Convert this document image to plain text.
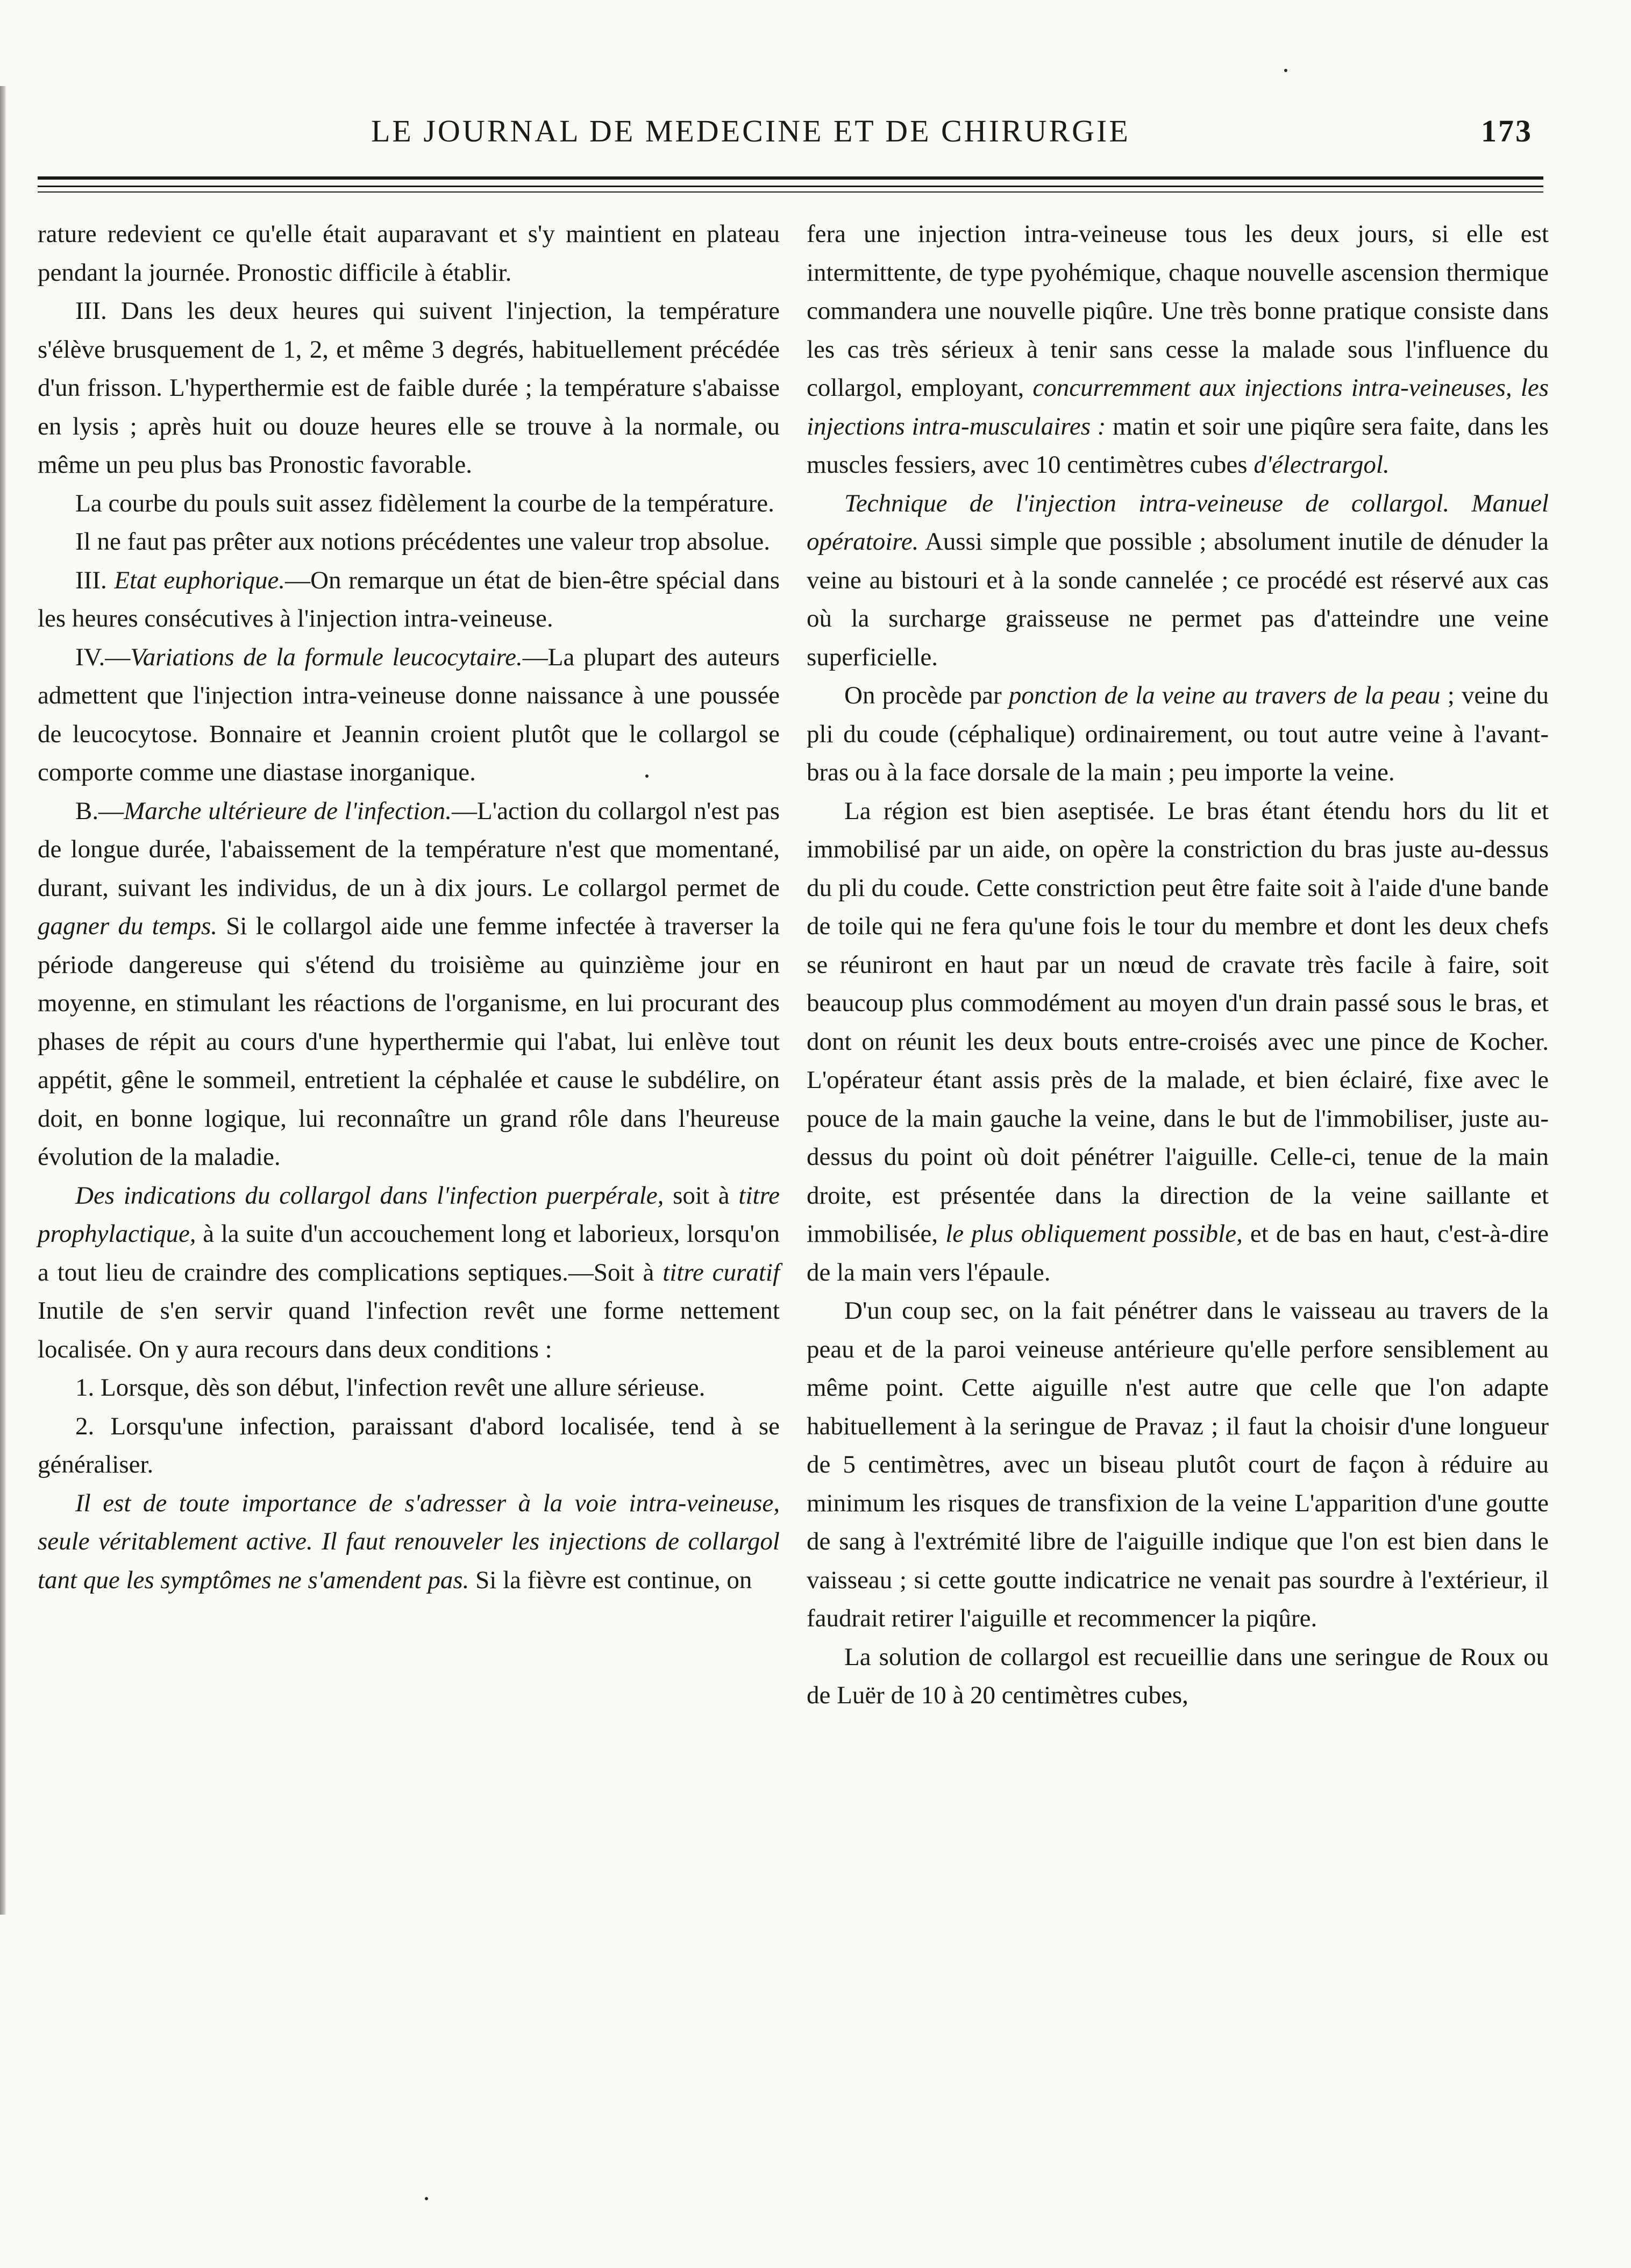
LE JOURNAL DE MEDECINE ET DE CHIRURGIE	173

rature redevient ce qu'elle était auparavant et s'y maintient en plateau pendant la journée. Pronostic difficile à établir.

III. Dans les deux heures qui suivent l'injection, la température s'élève brusquement de 1, 2, et même 3 degrés, habituellement précédée d'un frisson. L'hyperthermie est de faible durée ; la température s'abaisse en lysis ; après huit ou douze heures elle se trouve à la normale, ou même un peu plus bas Pronostic favorable.

La courbe du pouls suit assez fidèlement la courbe de la température.

Il ne faut pas prêter aux notions précédentes une valeur trop absolue.

III. Etat euphorique.—On remarque un état de bien-être spécial dans les heures consécutives à l'injection intra-veineuse.

IV.—Variations de la formule leucocytaire.—La plupart des auteurs admettent que l'injection intra-veineuse donne naissance à une poussée de leucocytose. Bonnaire et Jeannin croient plutôt que le collargol se comporte comme une diastase inorganique.

B.—Marche ultérieure de l'infection.—L'action du collargol n'est pas de longue durée, l'abaissement de la température n'est que momentané, durant, suivant les individus, de un à dix jours. Le collargol permet de gagner du temps. Si le collargol aide une femme infectée à traverser la période dangereuse qui s'étend du troisième au quinzième jour en moyenne, en stimulant les réactions de l'organisme, en lui procurant des phases de répit au cours d'une hyperthermie qui l'abat, lui enlève tout appétit, gêne le sommeil, entretient la céphalée et cause le subdélire, on doit, en bonne logique, lui reconnaître un grand rôle dans l'heureuse évolution de la maladie.

Des indications du collargol dans l'infection puerpérale, soit à titre prophylactique, à la suite d'un accouchement long et laborieux, lorsqu'on a tout lieu de craindre des complications septiques.—Soit à titre curatif Inutile de s'en servir quand l'infection revêt une forme nettement localisée. On y aura recours dans deux conditions :

1. Lorsque, dès son début, l'infection revêt une allure sérieuse.

2. Lorsqu'une infection, paraissant d'abord localisée, tend à se généraliser.

Il est de toute importance de s'adresser à la voie intra-veineuse, seule véritablement active. Il faut renouveler les injections de collargol tant que les symptômes ne s'amendent pas. Si la fièvre est continue, on

fera une injection intra-veineuse tous les deux jours, si elle est intermittente, de type pyohémique, chaque nouvelle ascension thermique commandera une nouvelle piqûre. Une très bonne pratique consiste dans les cas très sérieux à tenir sans cesse la malade sous l'influence du collargol, employant, concurremment aux injections intra-veineuses, les injections intra-musculaires : matin et soir une piqûre sera faite, dans les muscles fessiers, avec 10 centimètres cubes d'électrargol.

Technique de l'injection intra-veineuse de collargol. Manuel opératoire. Aussi simple que possible ; absolument inutile de dénuder la veine au bistouri et à la sonde cannelée ; ce procédé est réservé aux cas où la surcharge graisseuse ne permet pas d'atteindre une veine superficielle.

On procède par ponction de la veine au travers de la peau ; veine du pli du coude (céphalique) ordinairement, ou tout autre veine à l'avant-bras ou à la face dorsale de la main ; peu importe la veine.

La région est bien aseptisée. Le bras étant étendu hors du lit et immobilisé par un aide, on opère la constriction du bras juste au-dessus du pli du coude. Cette constriction peut être faite soit à l'aide d'une bande de toile qui ne fera qu'une fois le tour du membre et dont les deux chefs se réuniront en haut par un nœud de cravate très facile à faire, soit beaucoup plus commodément au moyen d'un drain passé sous le bras, et dont on réunit les deux bouts entre-croisés avec une pince de Kocher. L'opérateur étant assis près de la malade, et bien éclairé, fixe avec le pouce de la main gauche la veine, dans le but de l'immobiliser, juste au-dessus du point où doit pénétrer l'aiguille. Celle-ci, tenue de la main droite, est présentée dans la direction de la veine saillante et immobilisée, le plus obliquement possible, et de bas en haut, c'est-à-dire de la main vers l'épaule.

D'un coup sec, on la fait pénétrer dans le vaisseau au travers de la peau et de la paroi veineuse antérieure qu'elle perfore sensiblement au même point. Cette aiguille n'est autre que celle que l'on adapte habituellement à la seringue de Pravaz ; il faut la choisir d'une longueur de 5 centimètres, avec un biseau plutôt court de façon à réduire au minimum les risques de transfixion de la veine L'apparition d'une goutte de sang à l'extrémité libre de l'aiguille indique que l'on est bien dans le vaisseau ; si cette goutte indicatrice ne venait pas sourdre à l'extérieur, il faudrait retirer l'aiguille et recommencer la piqûre.

La solution de collargol est recueillie dans une seringue de Roux ou de Luër de 10 à 20 centimètres cubes,
